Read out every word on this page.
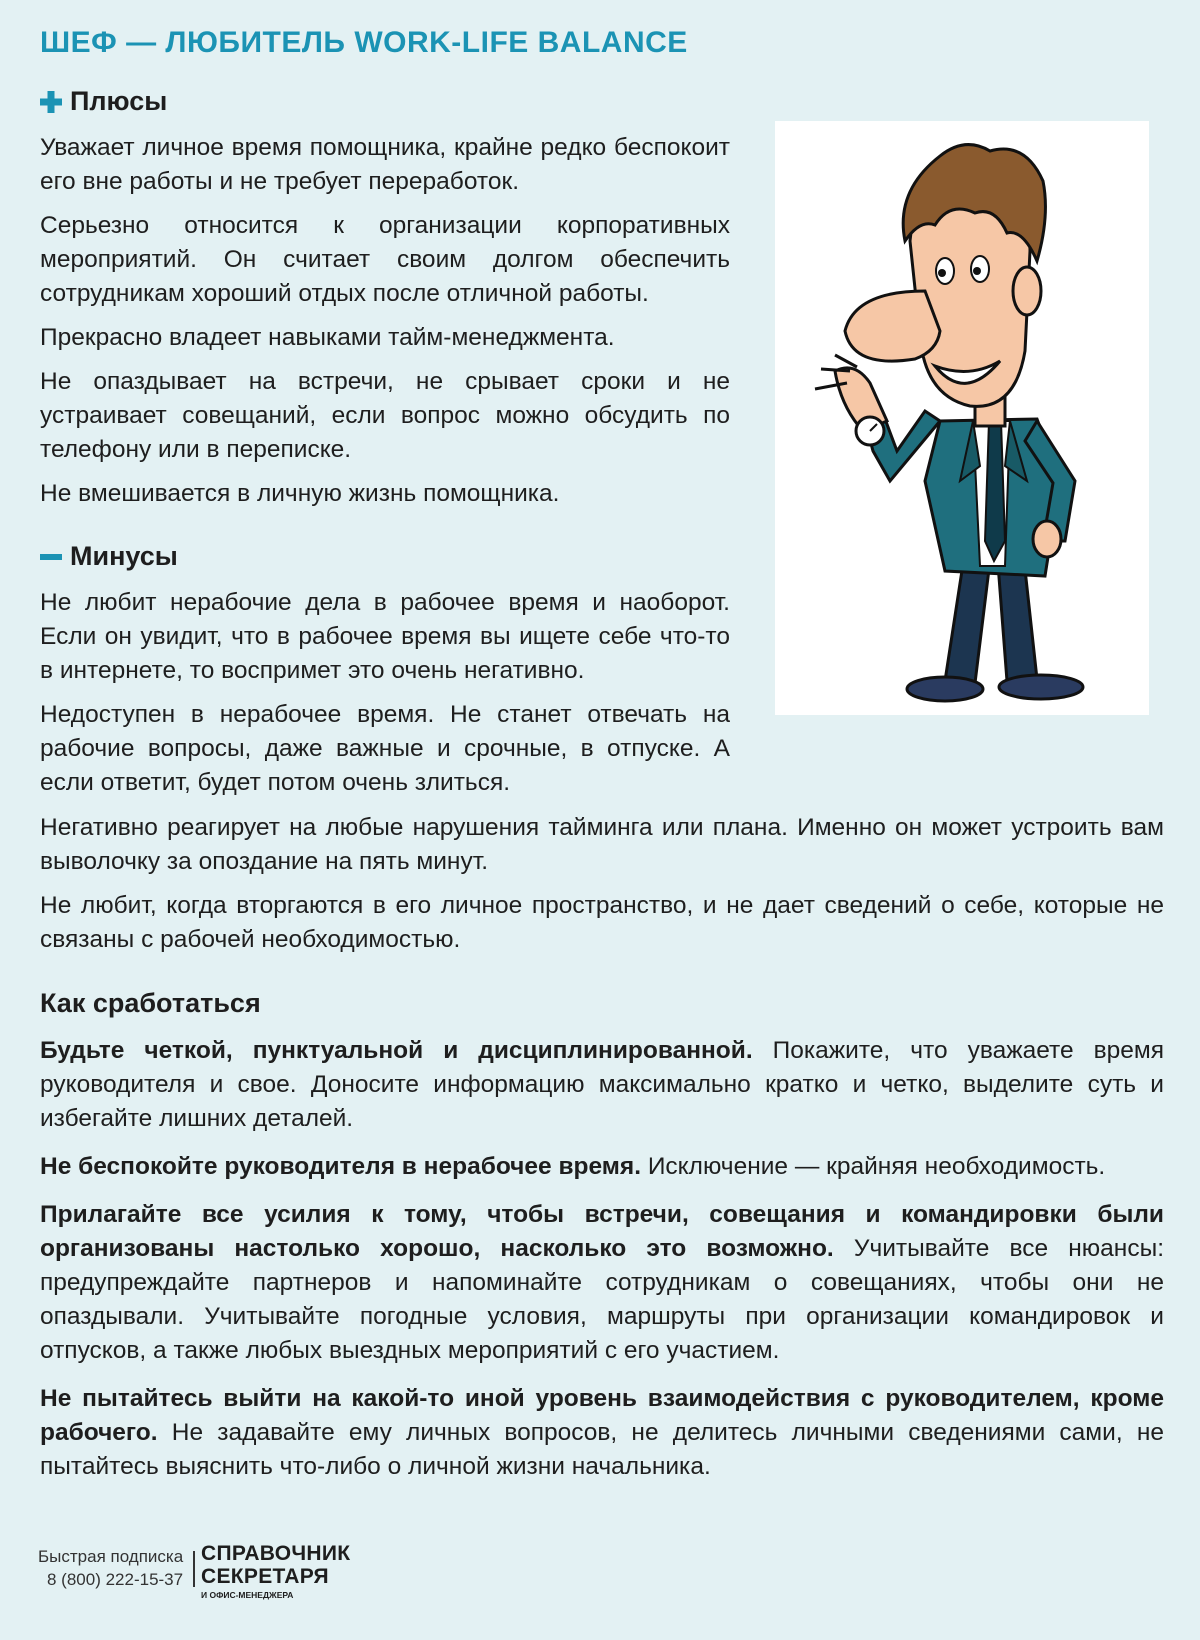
ШЕФ — ЛЮБИТЕЛЬ WORK-LIFE BALANCE
Плюсы

Уважает личное время помощника, крайне редко беспокоит его вне работы и не требует переработок.

Серьезно относится к организации корпоративных мероприятий. Он считает своим долгом обеспечить сотрудникам хороший отдых после отличной работы.

Прекрасно владеет навыками тайм-менеджмента.

Не опаздывает на встречи, не срывает сроки и не устраивает совещаний, если вопрос можно обсудить по телефону или в переписке.

Не вмешивается в личную жизнь помощника.

Минусы

Не любит нерабочие дела в рабочее время и наоборот. Если он увидит, что в рабочее время вы ищете себе что-то в интернете, то воспримет это очень негативно.

Недоступен в нерабочее время. Не станет отвечать на рабочие вопросы, даже важные и срочные, в отпуске. А если ответит, будет потом очень злиться.

Негативно реагирует на любые нарушения тайминга или плана. Именно он может устроить вам выволочку за опоздание на пять минут.

Не любит, когда вторгаются в его личное пространство, и не дает сведений о себе, которые не связаны с рабочей необходимостью.

Как сработаться

Будьте четкой, пунктуальной и дисциплинированной. Покажите, что уважаете время руководителя и свое. Доносите информацию максимально кратко и четко, выделите суть и избегайте лишних деталей.

Не беспокойте руководителя в нерабочее время. Исключение — крайняя необходимость.

Прилагайте все усилия к тому, чтобы встречи, совещания и командировки были организованы настолько хорошо, насколько это возможно. Учитывайте все нюансы: предупреждайте партнеров и напоминайте сотрудникам о совещаниях, чтобы они не опаздывали. Учитывайте погодные условия, маршруты при организации командировок и отпусков, а также любых выездных мероприятий с его участием.

Не пытайтесь выйти на какой-то иной уровень взаимодействия с руководителем, кроме рабочего. Не задавайте ему личных вопросов, не делитесь личными сведениями сами, не пытайтесь выяснить что-либо о личной жизни начальника.

Быстрая подписка
8 (800) 222-15-37
СПРАВОЧНИК
СЕКРЕТАРЯ
И ОФИС-МЕНЕДЖЕРА
